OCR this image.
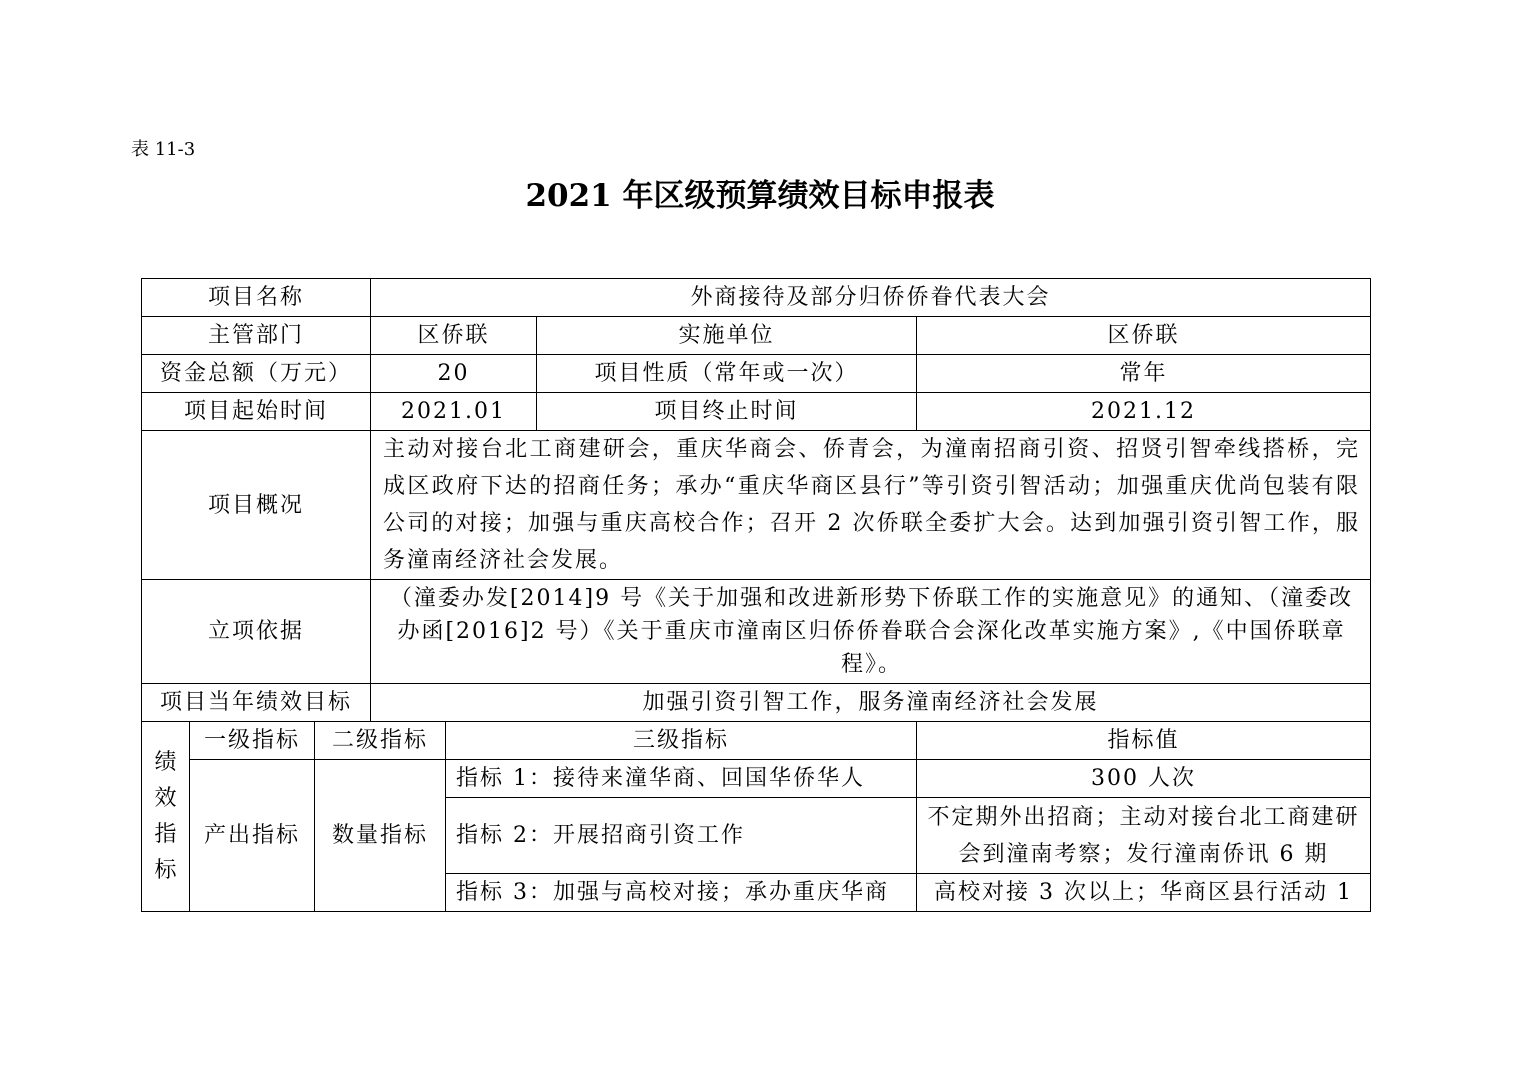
表 11-3
2021 年区级预算绩效目标申报表
项目名称			外商接待及部分归侨侨眷代表大会			
主管部门			区侨联		实施单位	区侨联
资金总额（万元）			20		项目性质（常年或一次）	常年
项目起始时间			2021.01		项目终止时间	2021.12
项目概况			主动对接台北工商建研会，重庆华商会、侨青会，为潼南招商引资、招贤引智牵线搭桥，完成区政府下达的招商任务；承办“重庆华商区县行”等引资引智活动；加强重庆优尚包装有限公司的对接；加强与重庆高校合作；召开 2 次侨联全委扩大会。达到加强引资引智工作，服务潼南经济社会发展。			
立项依据			（潼委办发[2014]9 号《关于加强和改进新形势下侨联工作的实施意见》的通知、（潼委改办函[2016]2 号）《关于重庆市潼南区归侨侨眷联合会深化改革实施方案》,《中国侨联章程》。			
项目当年绩效目标			加强引资引智工作，服务潼南经济社会发展			
绩效指标	一级指标	二级指标		三级指标		指标值
	产出指标	数量指标		指标 1：接待来潼华商、回国华侨华人		300 人次
				指标 2：开展招商引资工作		不定期外出招商；主动对接台北工商建研会到潼南考察；发行潼南侨讯 6 期
				指标 3：加强与高校对接；承办重庆华商		高校对接 3 次以上；华商区县行活动 1
